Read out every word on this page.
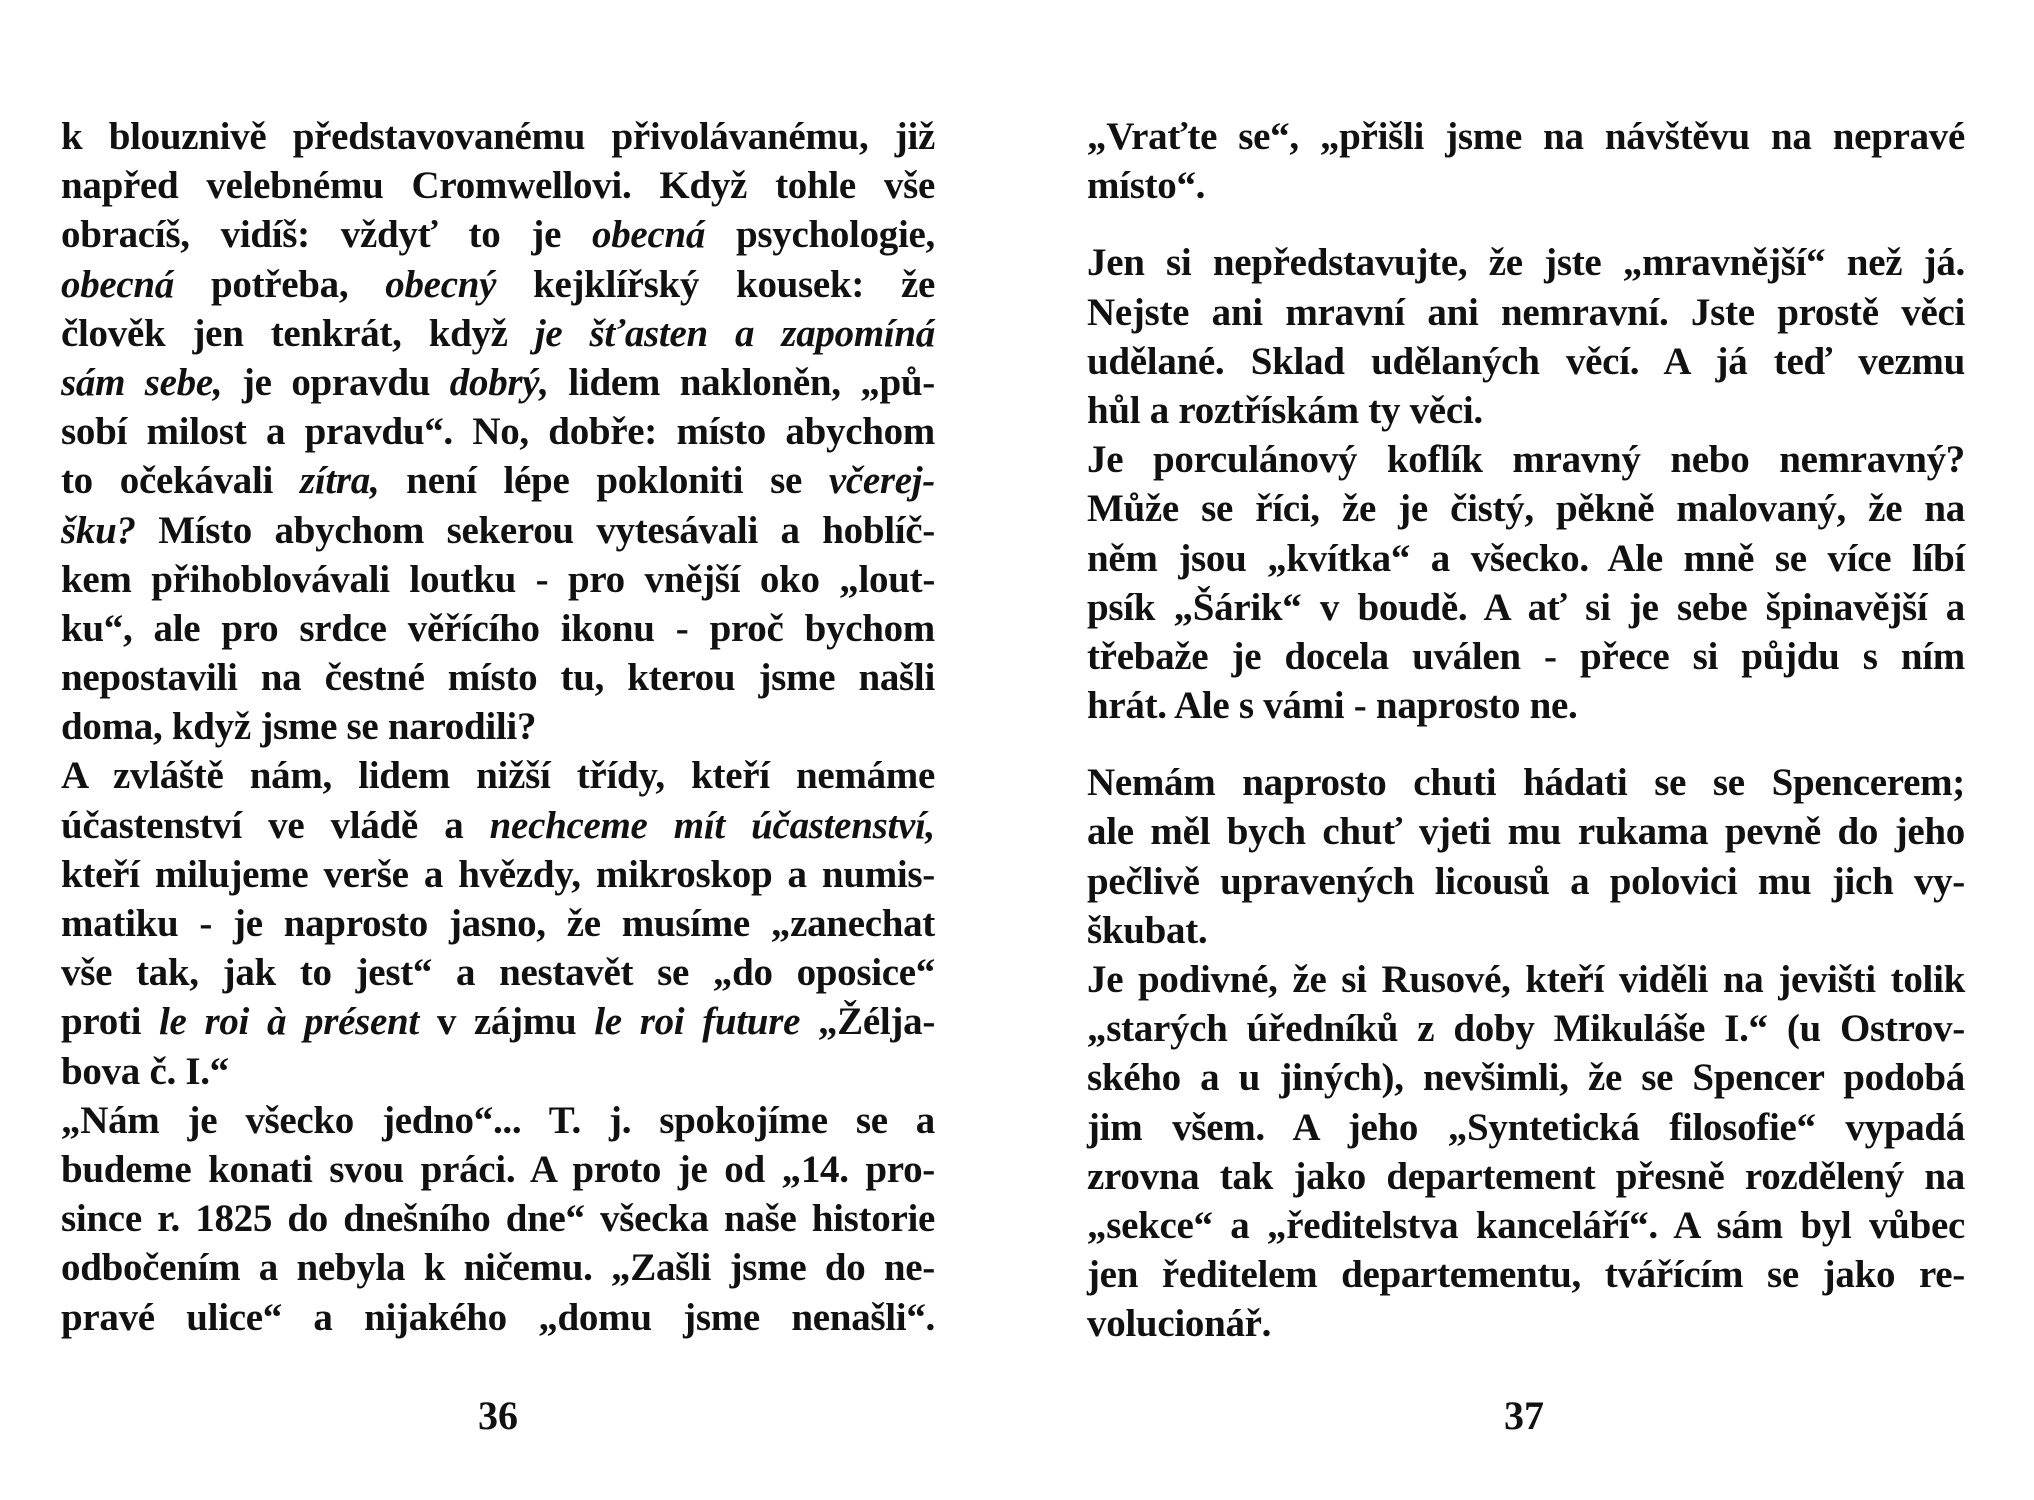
k blouznivě představovanému přivolávanému, již
napřed velebnému Cromwellovi. Když tohle vše
obracíš, vidíš: vždyť to je obecná psychologie,
obecná potřeba, obecný kejklířský kousek: že
člověk jen tenkrát, když je šťasten a zapomíná
sám sebe, je opravdu dobrý, lidem nakloněn, „pů-
sobí milost a pravdu“. No, dobře: místo abychom
to očekávali zítra, není lépe pokloniti se včerej-
šku? Místo abychom sekerou vytesávali a hoblíč-
kem přihoblovávali loutku - pro vnější oko „lout-
ku“, ale pro srdce věřícího ikonu - proč bychom
nepostavili na čestné místo tu, kterou jsme našli
doma, když jsme se narodili?
A zvláště nám, lidem nižší třídy, kteří nemáme
účastenství ve vládě a nechceme mít účastenství,
kteří milujeme verše a hvězdy, mikroskop a numis-
matiku - je naprosto jasno, že musíme „zanechat
vše tak, jak to jest“ a nestavět se „do oposice“
proti le roi à présent v zájmu le roi future „Žélja-
bova č. I.“
„Nám je všecko jedno“... T. j. spokojíme se a
budeme konati svou práci. A proto je od „14. pro-
since r. 1825 do dnešního dne“ všecka naše historie
odbočením a nebyla k ničemu. „Zašli jsme do ne-
pravé ulice“ a nijakého „domu jsme nenašli“.
„Vraťte se“, „přišli jsme na návštěvu na nepravé
místo“.
Jen si nepředstavujte, že jste „mravnější“ než já.
Nejste ani mravní ani nemravní. Jste prostě věci
udělané. Sklad udělaných věcí. A já teď vezmu
hůl a roztřískám ty věci.
Je porculánový koflík mravný nebo nemravný?
Může se říci, že je čistý, pěkně malovaný, že na
něm jsou „kvítka“ a všecko. Ale mně se více líbí
psík „Šárik“ v boudě. A ať si je sebe špinavější a
třebaže je docela uválen - přece si půjdu s ním
hrát. Ale s vámi - naprosto ne.
Nemám naprosto chuti hádati se se Spencerem;
ale měl bych chuť vjeti mu rukama pevně do jeho
pečlivě upravených licousů a polovici mu jich vy-
škubat.
Je podivné, že si Rusové, kteří viděli na jevišti tolik
„starých úředníků z doby Mikuláše I.“ (u Ostrov-
ského a u jiných), nevšimli, že se Spencer podobá
jim všem. A jeho „Syntetická filosofie“ vypadá
zrovna tak jako departement přesně rozdělený na
„sekce“ a „ředitelstva kanceláří“. A sám byl vůbec
jen ředitelem departementu, tvářícím se jako re-
volucionář.
36	37
